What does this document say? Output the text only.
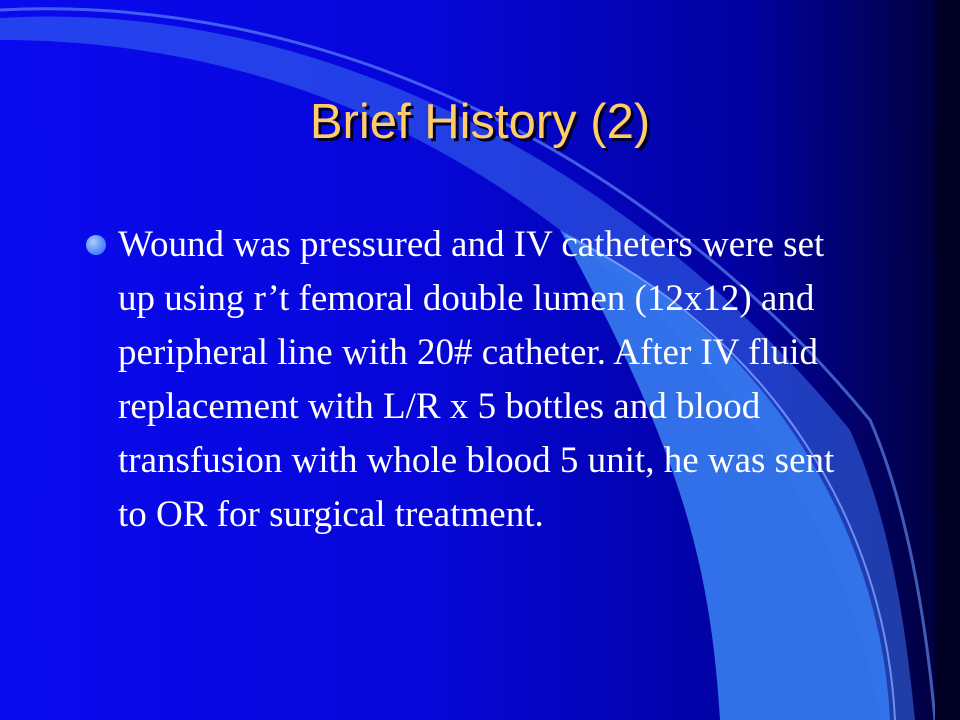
Brief History (2)

Wound was pressured and IV catheters were set up using r’t femoral double lumen (12x12) and peripheral line with 20# catheter. After IV fluid replacement with L/R x 5 bottles and blood transfusion with whole blood 5 unit, he was sent to OR for surgical treatment.
